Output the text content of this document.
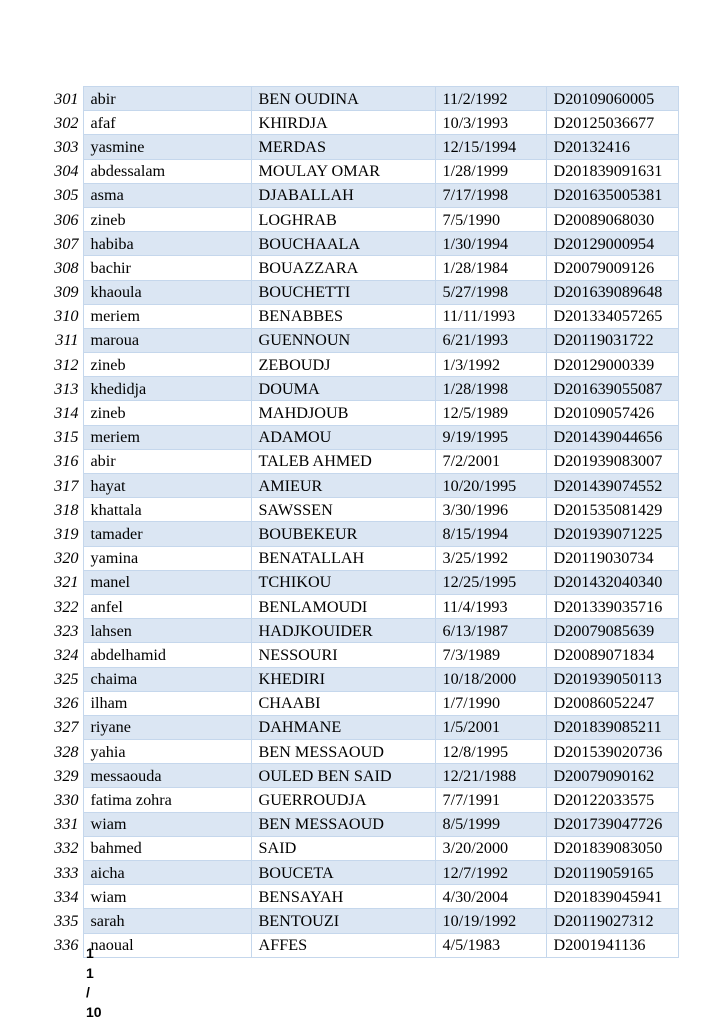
301	abir	BEN OUDINA	11/2/1992	D20109060005
302	afaf	KHIRDJA	10/3/1993	D20125036677
303	yasmine	MERDAS	12/15/1994	D20132416
304	abdessalam	MOULAY OMAR	1/28/1999	D201839091631
305	asma	DJABALLAH	7/17/1998	D201635005381
306	zineb	LOGHRAB	7/5/1990	D20089068030
307	habiba	BOUCHAALA	1/30/1994	D20129000954
308	bachir	BOUAZZARA	1/28/1984	D20079009126
309	khaoula	BOUCHETTI	5/27/1998	D201639089648
310	meriem	BENABBES	11/11/1993	D201334057265
311	maroua	GUENNOUN	6/21/1993	D20119031722
312	zineb	ZEBOUDJ	1/3/1992	D20129000339
313	khedidja	DOUMA	1/28/1998	D201639055087
314	zineb	MAHDJOUB	12/5/1989	D20109057426
315	meriem	ADAMOU	9/19/1995	D201439044656
316	abir	TALEB AHMED	7/2/2001	D201939083007
317	hayat	AMIEUR	10/20/1995	D201439074552
318	khattala	SAWSSEN	3/30/1996	D201535081429
319	tamader	BOUBEKEUR	8/15/1994	D201939071225
320	yamina	BENATALLAH	3/25/1992	D20119030734
321	manel	TCHIKOU	12/25/1995	D201432040340
322	anfel	BENLAMOUDI	11/4/1993	D201339035716
323	lahsen	HADJKOUIDER	6/13/1987	D20079085639
324	abdelhamid	NESSOURI	7/3/1989	D20089071834
325	chaima	KHEDIRI	10/18/2000	D201939050113
326	ilham	CHAABI	1/7/1990	D20086052247
327	riyane	DAHMANE	1/5/2001	D201839085211
328	yahia	BEN MESSAOUD	12/8/1995	D201539020736
329	messaouda	OULED BEN SAID	12/21/1988	D20079090162
330	fatima zohra	GUERROUDJA	7/7/1991	D20122033575
331	wiam	BEN MESSAOUD	8/5/1999	D201739047726
332	bahmed	SAID	3/20/2000	D201839083050
333	aicha	BOUCETA	12/7/1992	D20119059165
334	wiam	BENSAYAH	4/30/2004	D201839045941
335	sarah	BENTOUZI	10/19/1992	D20119027312
336	naoual	AFFES	4/5/1983	D2001941136
1
1
/
10
